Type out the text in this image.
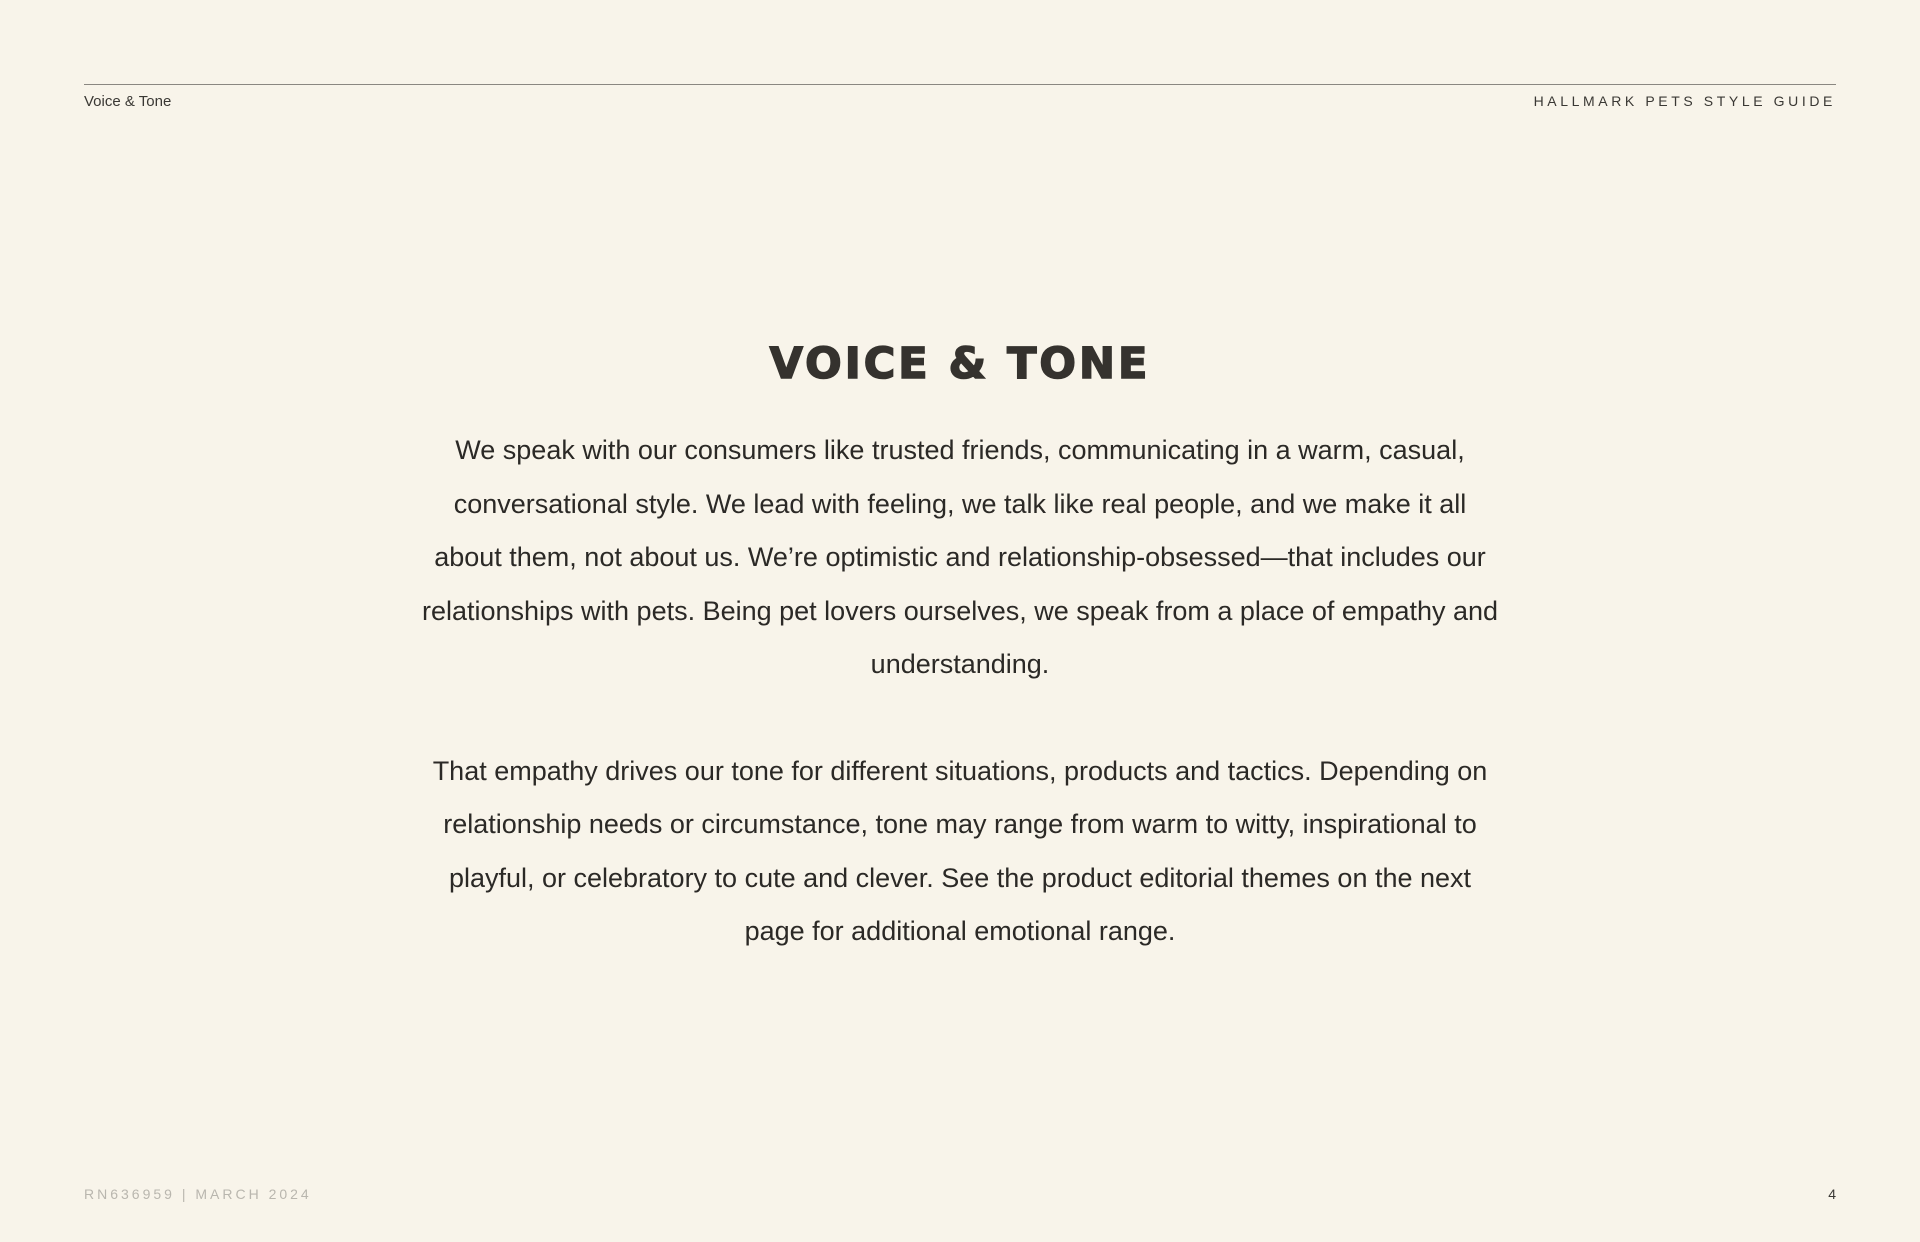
Voice & Tone	HALLMARK PETS STYLE GUIDE
VOICE & TONE

We speak with our consumers like trusted friends, communicating in a warm, casual, conversational style. We lead with feeling, we talk like real people, and we make it all about them, not about us. We’re optimistic and relationship-obsessed—that includes our relationships with pets. Being pet lovers ourselves, we speak from a place of empathy and understanding.

That empathy drives our tone for different situations, products and tactics. Depending on relationship needs or circumstance, tone may range from warm to witty, inspirational to playful, or celebratory to cute and clever. See the product editorial themes on the next page for additional emotional range.

RN636959 | MARCH 2024	4
